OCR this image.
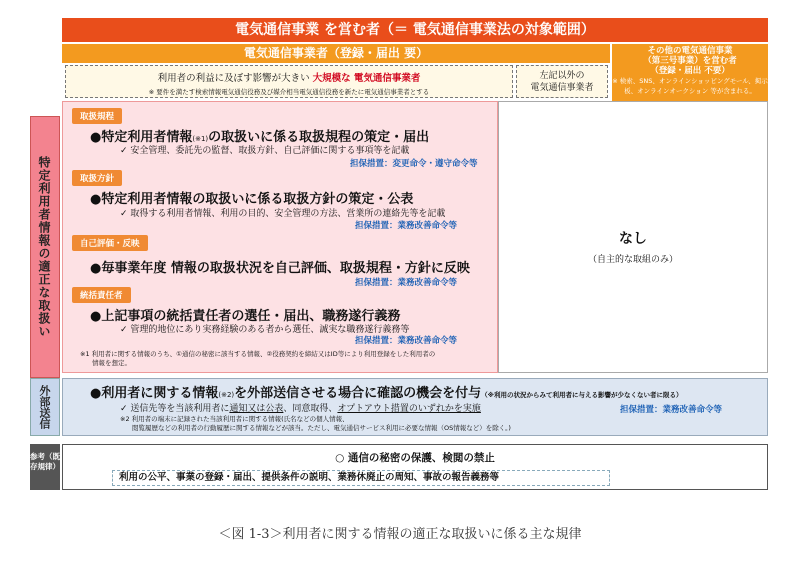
電気通信事業 を営む者（＝ 電気通信事業法の対象範囲）
電気通信事業者（登録・届出 要）	その他の電気通信事業
（第三号事業）を営む者
（登録・届出 不要）
※ 検索、SNS、オンラインショッピングモール、掲示板、オンラインオークション 等が含まれる。
利用者の利益に及ぼす影響が大きい 大規模な 電気通信事業者
※ 要件を満たす検索情報電気通信役務及び媒介相当電気通信役務を新たに電気通信事業者とする
左記以外の
電気通信事業者
特定利用者情報の適正な取扱い	なし
（自主的な取組のみ）
取扱規程
●特定利用者情報(※1)の取扱いに係る取扱規程の策定・届出
✓ 安全管理、委託先の監督、取扱方針、自己評価に関する事項等を記載
担保措置：変更命令・遵守命令等
取扱方針
●特定利用者情報の取扱いに係る取扱方針の策定・公表
✓ 取得する利用者情報、利用の目的、安全管理の方法、営業所の連絡先等を記載
担保措置：業務改善命令等
自己評価・反映
●毎事業年度 情報の取扱状況を自己評価、取扱規程・方針に反映
担保措置：業務改善命令等
統括責任者
●上記事項の統括責任者の選任・届出、職務遂行義務
✓ 管理的地位にあり実務経験のある者から選任、誠実な職務遂行義務等
担保措置：業務改善命令等
※1 利用者に関する情報のうち、①通信の秘密に該当する情報、②役務契約を締結又はID等により利用登録をした利用者の
情報を想定。
外部送信	●利用者に関する情報(※2)を外部送信させる場合に確認の機会を付与（※利用の状況からみて利用者に与える影響が少なくない者に限る）
✓ 送信先等を当該利用者に通知又は公表、同意取得、オプトアウト措置のいずれかを実施	担保措置：業務改善命令等
※2 利用者の端末に記録された当該利用者に関する情報(氏名などの個人情報、
閲覧履歴などの利用者の行動履歴に関する情報などが該当。ただし、電気通信サービス利用に必要な情報（OS情報など）を除く。)
参考（既存規律）
○ 通信の秘密の保護、検閲の禁止
利用の公平、事業の登録・届出、提供条件の説明、業務休廃止の周知、事故の報告義務等
＜図 1-3＞利用者に関する情報の適正な取扱いに係る主な規律
